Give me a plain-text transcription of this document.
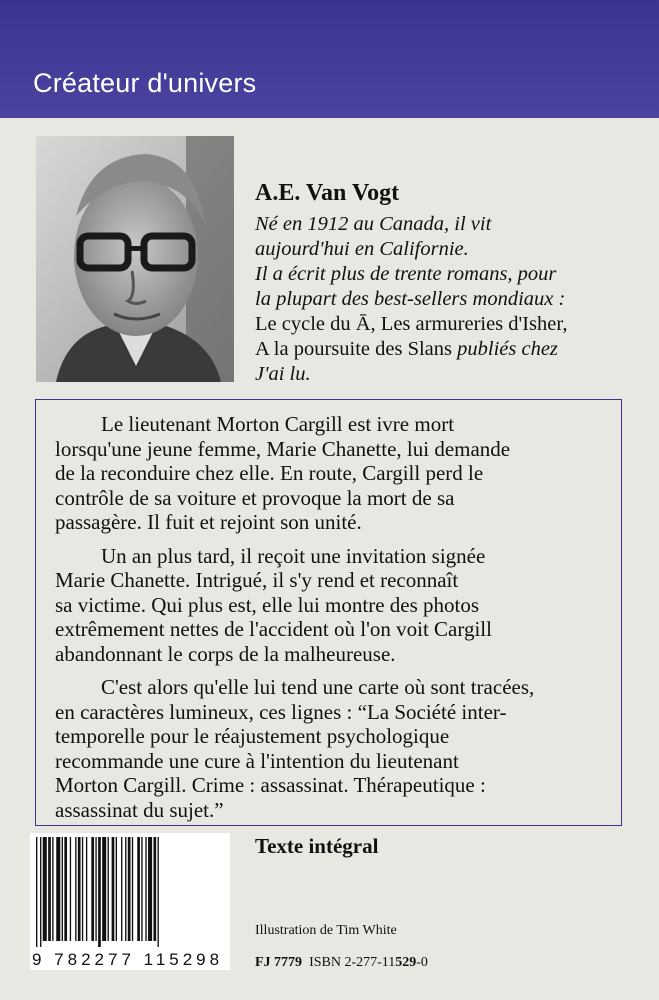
Créateur d'univers
A.E. Van Vogt
Né en 1912 au Canada, il vit
aujourd'hui en Californie.
Il a écrit plus de trente romans, pour
la plupart des best-sellers mondiaux :
Le cycle du Ā, Les armureries d'Isher,
A la poursuite des Slans publiés chez
J'ai lu.

Le lieutenant Morton Cargill est ivre mort
lorsqu'une jeune femme, Marie Chanette, lui demande
de la reconduire chez elle. En route, Cargill perd le
contrôle de sa voiture et provoque la mort de sa
passagère. Il fuit et rejoint son unité.

Un an plus tard, il reçoit une invitation signée
Marie Chanette. Intrigué, il s'y rend et reconnaît
sa victime. Qui plus est, elle lui montre des photos
extrêmement nettes de l'accident où l'on voit Cargill
abandonnant le corps de la malheureuse.

C'est alors qu'elle lui tend une carte où sont tracées,
en caractères lumineux, ces lignes : “La Société inter-
temporelle pour le réajustement psychologique
recommande une cure à l'intention du lieutenant
Morton Cargill. Crime : assassinat. Thérapeutique :
assassinat du sujet.”

Texte intégral
9 782277 115298
Illustration de Tim White
FJ 7779 ISBN 2-277-11529-0
